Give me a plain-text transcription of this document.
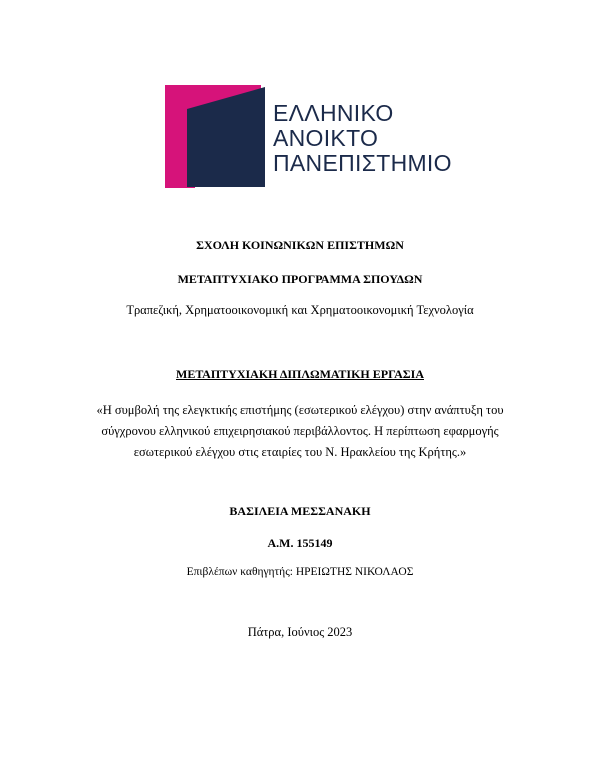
ΕΛΛΗΝΙΚΟ
ΑΝΟΙΚΤΟ
ΠΑΝΕΠΙΣΤΗΜΙΟ
ΣΧΟΛΗ ΚΟΙΝΩΝΙΚΩΝ ΕΠΙΣΤΗΜΩΝ
ΜΕΤΑΠΤΥΧΙΑΚΟ ΠΡΟΓΡΑΜΜΑ ΣΠΟΥΔΩΝ
Τραπεζική, Χρηματοοικονομική και Χρηματοοικονομική Τεχνολογία
ΜΕΤΑΠΤΥΧΙΑΚΗ ΔΙΠΛΩΜΑΤΙΚΗ ΕΡΓΑΣΙΑ
«Η συμβολή της ελεγκτικής επιστήμης (εσωτερικού ελέγχου) στην ανάπτυξη του
σύγχρονου ελληνικού επιχειρησιακού περιβάλλοντος. Η περίπτωση εφαρμογής
εσωτερικού ελέγχου στις εταιρίες του Ν. Ηρακλείου της Κρήτης.»
ΒΑΣΙΛΕΙΑ ΜΕΣΣΑΝΑΚΗ
Α.Μ. 155149
Επιβλέπων καθηγητής: ΗΡΕΙΩΤΗΣ ΝΙΚΟΛΑΟΣ
Πάτρα, Ιούνιος 2023
